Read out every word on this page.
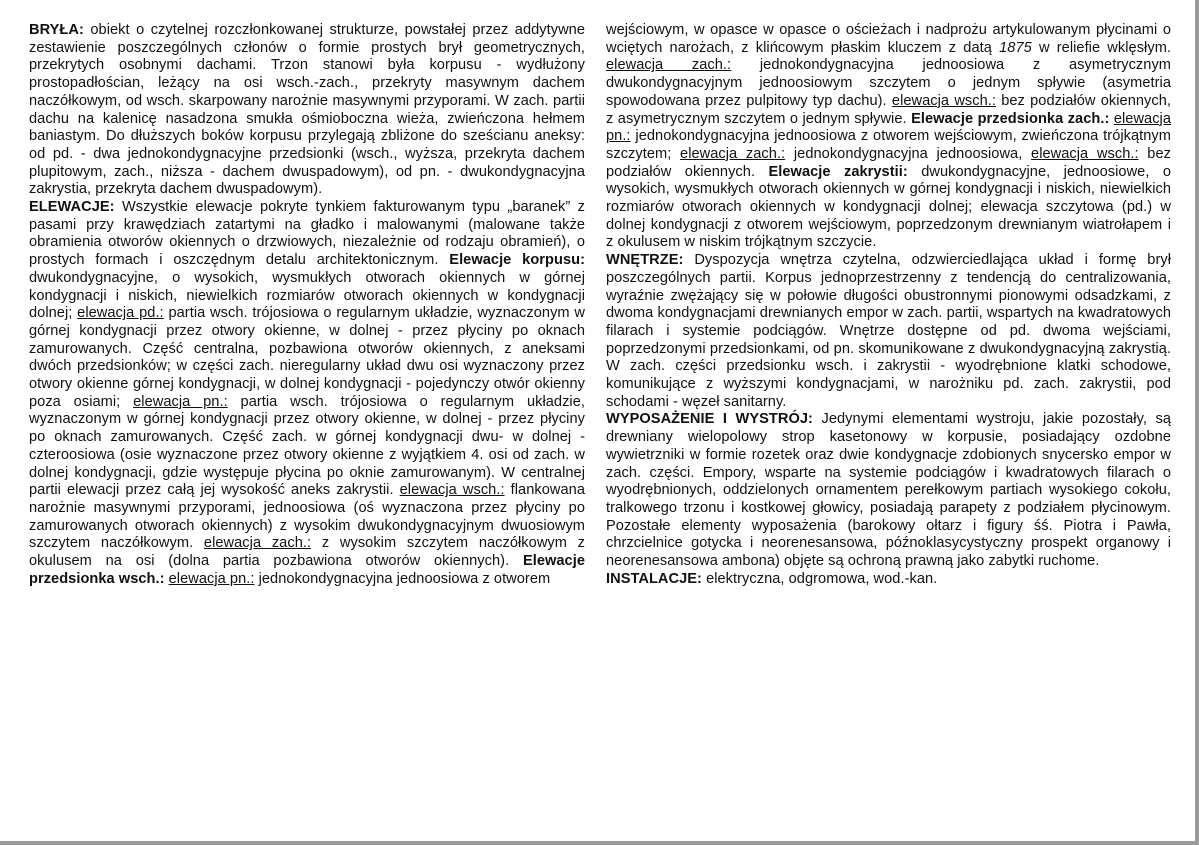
BRYŁA: obiekt o czytelnej rozczłonkowanej strukturze, powstałej przez addytywne zestawienie poszczególnych członów o formie prostych brył geometrycznych, przekrytych osobnymi dachami. Trzon stanowi była korpusu - wydłużony prostopadłościan, leżący na osi wsch.-zach., przekryty masywnym dachem naczółkowym, od wsch. skarpowany narożnie masywnymi przyporami. W zach. partii dachu na kalenicę nasadzona smukła ośmioboczna wieża, zwieńczona hełmem baniastym. Do dłuższych boków korpusu przylegają zbliżone do sześcianu aneksy: od pd. - dwa jednokondygnacyjne przedsionki (wsch., wyższa, przekryta dachem plupitowym, zach., niższa - dachem dwuspadowym), od pn. - dwukondygnacyjna zakrystia, przekryta dachem dwuspadowym).

ELEWACJE: Wszystkie elewacje pokryte tynkiem fakturowanym typu „baranek” z pasami przy krawędziach zatartymi na gładko i malowanymi (malowane także obramienia otworów okiennych o drzwiowych, niezależnie od rodzaju obramień), o prostych formach i oszczędnym detalu architektonicznym. Elewacje korpusu: dwukondygnacyjne, o wysokich, wysmukłych otworach okiennych w górnej kondygnacji i niskich, niewielkich rozmiarów otworach okiennych w kondygnacji dolnej; elewacja pd.: partia wsch. trójosiowa o regularnym układzie, wyznaczonym w górnej kondygnacji przez otwory okienne, w dolnej - przez płyciny po oknach zamurowanych. Część centralna, pozbawiona otworów okiennych, z aneksami dwóch przedsionków; w części zach. nieregularny układ dwu osi wyznaczony przez otwory okienne górnej kondygnacji, w dolnej kondygnacji - pojedynczy otwór okienny poza osiami; elewacja pn.: partia wsch. trójosiowa o regularnym układzie, wyznaczonym w górnej kondygnacji przez otwory okienne, w dolnej - przez płyciny po oknach zamurowanych. Część zach. w górnej kondygnacji dwu- w dolnej - czteroosiowa (osie wyznaczone przez otwory okienne z wyjątkiem 4. osi od zach. w dolnej kondygnacji, gdzie występuje płycina po oknie zamurowanym). W centralnej partii elewacji przez całą jej wysokość aneks zakrystii. elewacja wsch.: flankowana narożnie masywnymi przyporami, jednoosiowa (oś wyznaczona przez płyciny po zamurowanych otworach okiennych) z wysokim dwukondygnacyjnym dwuosiowym szczytem naczółkowym. elewacja zach.: z wysokim szczytem naczółkowym z okulusem na osi (dolna partia pozbawiona otworów okiennych). Elewacje przedsionka wsch.: elewacja pn.: jednokondygnacyjna jednoosiowa z otworem

wejściowym, w opasce w opasce o ościeżach i nadprożu artykulowanym płycinami o wciętych narożach, z klińcowym płaskim kluczem z datą 1875 w reliefie wklęsłym. elewacja zach.: jednokondygnacyjna jednoosiowa z asymetrycznym dwukondygnacyjnym jednoosiowym szczytem o jednym spływie (asymetria spowodowana przez pulpitowy typ dachu). elewacja wsch.: bez podziałów okiennych, z asymetrycznym szczytem o jednym spływie. Elewacje przedsionka zach.: elewacja pn.: jednokondygnacyjna jednoosiowa z otworem wejściowym, zwieńczona trójkątnym szczytem; elewacja zach.: jednokondygnacyjna jednoosiowa, elewacja wsch.: bez podziałów okiennych. Elewacje zakrystii: dwukondygnacyjne, jednoosiowe, o wysokich, wysmukłych otworach okiennych w górnej kondygnacji i niskich, niewielkich rozmiarów otworach okiennych w kondygnacji dolnej; elewacja szczytowa (pd.) w dolnej kondygnacji z otworem wejściowym, poprzedzonym drewnianym wiatrołapem i z okulusem w niskim trójkątnym szczycie.

WNĘTRZE: Dyspozycja wnętrza czytelna, odzwierciedlająca układ i formę brył poszczególnych partii. Korpus jednoprzestrzenny z tendencją do centralizowania, wyraźnie zwężający się w połowie długości obustronnymi pionowymi odsadzkami, z dwoma kondygnacjami drewnianych empor w zach. partii, wspartych na kwadratowych filarach i systemie podciągów. Wnętrze dostępne od pd. dwoma wejściami, poprzedzonymi przedsionkami, od pn. skomunikowane z dwukondygnacyjną zakrystią. W zach. części przedsionku wsch. i zakrystii - wyodrębnione klatki schodowe, komunikujące z wyższymi kondygnacjami, w narożniku pd. zach. zakrystii, pod schodami - węzeł sanitarny.

WYPOSAŻENIE I WYSTRÓJ: Jedynymi elementami wystroju, jakie pozostały, są drewniany wielopolowy strop kasetonowy w korpusie, posiadający ozdobne wywietrzniki w formie rozetek oraz dwie kondygnacje zdobionych snycersko empor w zach. części. Empory, wsparte na systemie podciągów i kwadratowych filarach o wyodrębnionych, oddzielonych ornamentem perełkowym partiach wysokiego cokołu, tralkowego trzonu i kostkowej głowicy, posiadają parapety z podziałem płycinowym. Pozostałe elementy wyposażenia (barokowy ołtarz i figury śś. Piotra i Pawła, chrzcielnice gotycka i neorenesansowa, późnoklasycystyczny prospekt organowy i neorenesansowa ambona) objęte są ochroną prawną jako zabytki ruchome.

INSTALACJE: elektryczna, odgromowa, wod.-kan.
